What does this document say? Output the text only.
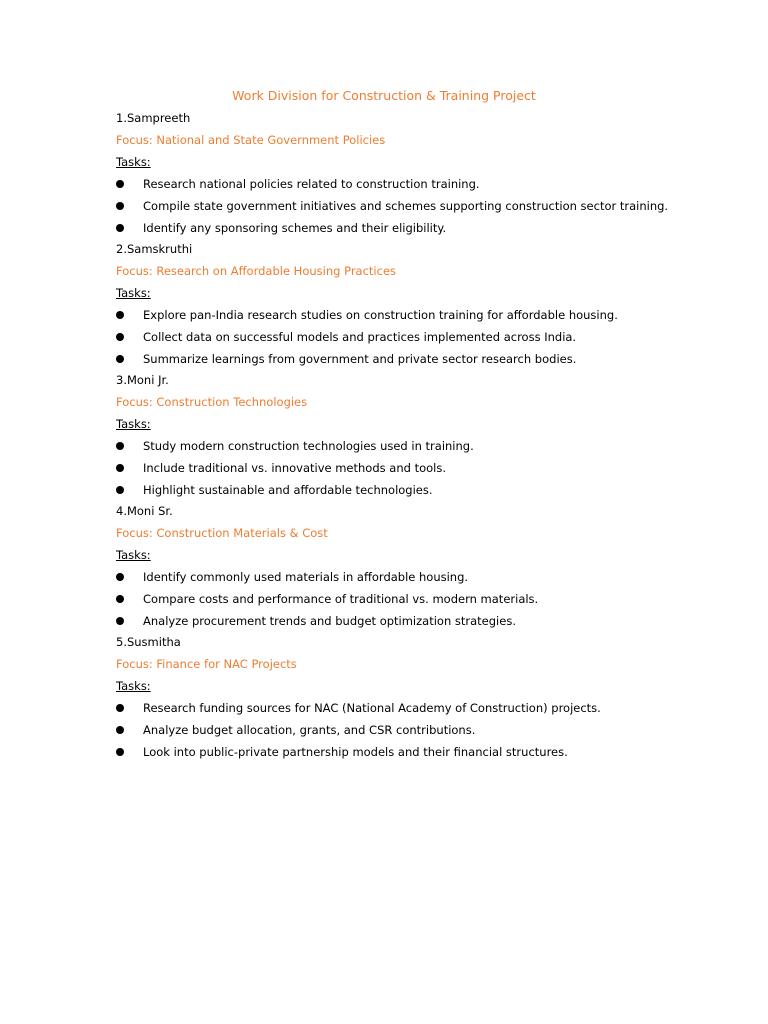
Work Division for Construction & Training Project
1.Sampreeth
Focus: National and State Government Policies
Tasks:
Research national policies related to construction training.
Compile state government initiatives and schemes supporting construction sector training.
Identify any sponsoring schemes and their eligibility.
2.Samskruthi
Focus: Research on Affordable Housing Practices
Tasks:
Explore pan-India research studies on construction training for affordable housing.
Collect data on successful models and practices implemented across India.
Summarize learnings from government and private sector research bodies.
3.Moni Jr.
Focus: Construction Technologies
Tasks:
Study modern construction technologies used in training.
Include traditional vs. innovative methods and tools.
Highlight sustainable and affordable technologies.
4.Moni Sr.
Focus: Construction Materials & Cost
Tasks:
Identify commonly used materials in affordable housing.
Compare costs and performance of traditional vs. modern materials.
Analyze procurement trends and budget optimization strategies.
5.Susmitha
Focus: Finance for NAC Projects
Tasks:
Research funding sources for NAC (National Academy of Construction) projects.
Analyze budget allocation, grants, and CSR contributions.
Look into public-private partnership models and their financial structures.
